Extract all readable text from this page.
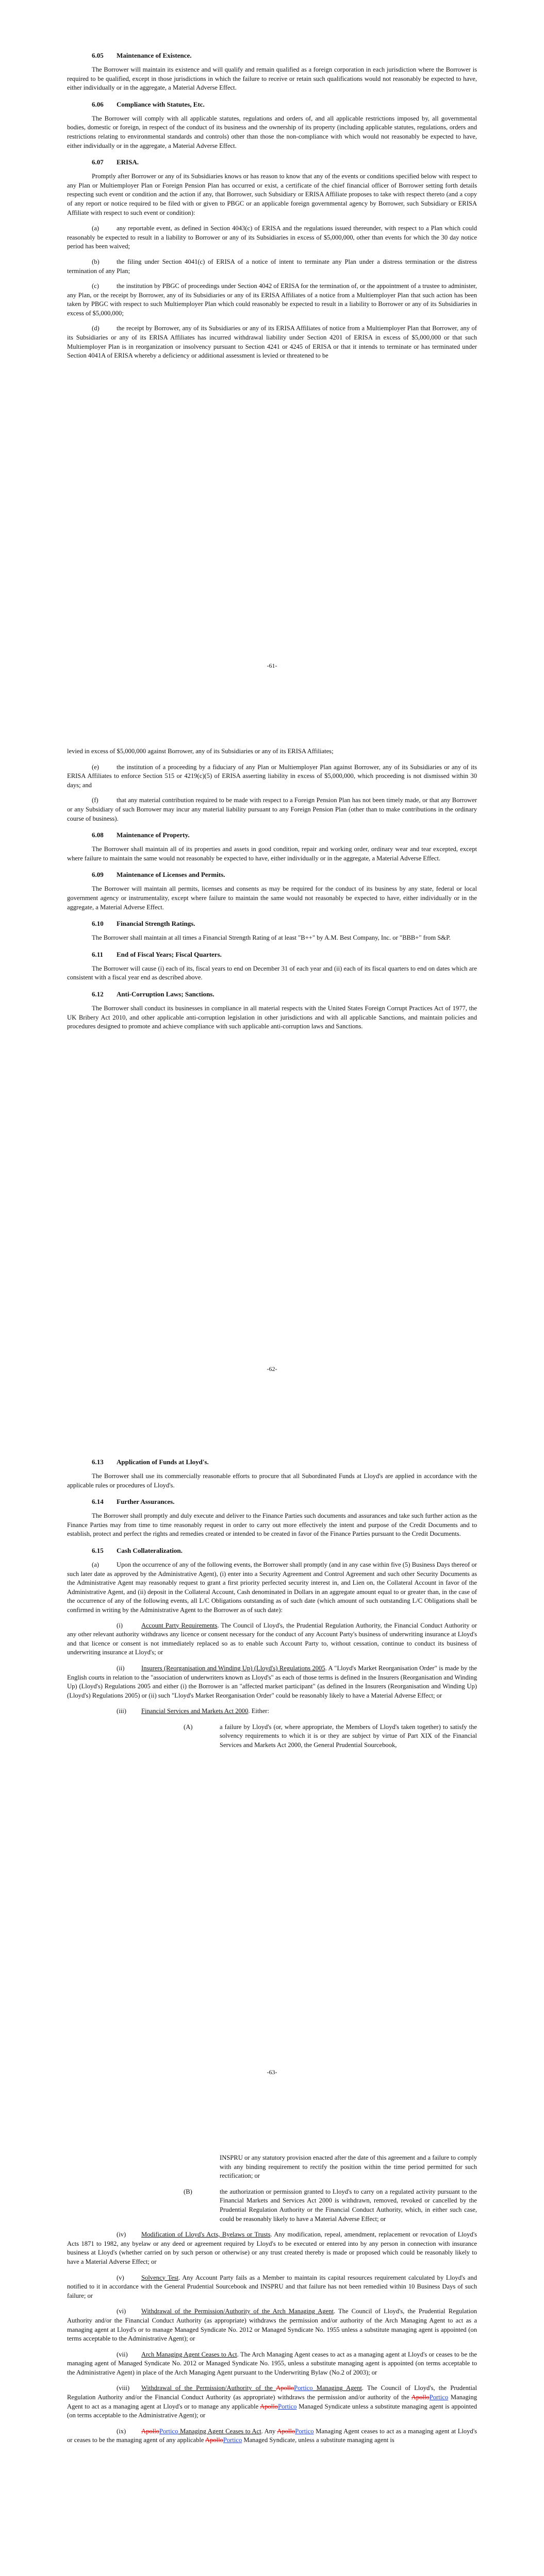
6.05 Maintenance of Existence.

The Borrower will maintain its existence and will qualify and remain qualified as a foreign corporation in each jurisdiction where the Borrower is required to be qualified, except in those jurisdictions in which the failure to receive or retain such qualifications would not reasonably be expected to have, either individually or in the aggregate, a Material Adverse Effect.

6.06 Compliance with Statutes, Etc.

The Borrower will comply with all applicable statutes, regulations and orders of, and all applicable restrictions imposed by, all governmental bodies, domestic or foreign, in respect of the conduct of its business and the ownership of its property (including applicable statutes, regulations, orders and restrictions relating to environmental standards and controls) other than those the non-compliance with which would not reasonably be expected to have, either individually or in the aggregate, a Material Adverse Effect.

6.07 ERISA.

Promptly after Borrower or any of its Subsidiaries knows or has reason to know that any of the events or conditions specified below with respect to any Plan or Multiemployer Plan or Foreign Pension Plan has occurred or exist, a certificate of the chief financial officer of Borrower setting forth details respecting such event or condition and the action if any, that Borrower, such Subsidiary or ERISA Affiliate proposes to take with respect thereto (and a copy of any report or notice required to be filed with or given to PBGC or an applicable foreign governmental agency by Borrower, such Subsidiary or ERISA Affiliate with respect to such event or condition):

(a)	any reportable event, as defined in Section 4043(c) of ERISA and the regulations issued thereunder, with respect to a Plan which could reasonably be expected to result in a liability to Borrower or any of its Subsidiaries in excess of $5,000,000, other than events for which the 30 day notice period has been waived;
(b)	the filing under Section 4041(c) of ERISA of a notice of intent to terminate any Plan under a distress termination or the distress termination of any Plan;
(c)	the institution by PBGC of proceedings under Section 4042 of ERISA for the termination of, or the appointment of a trustee to administer, any Plan, or the receipt by Borrower, any of its Subsidiaries or any of its ERISA Affiliates of a notice from a Multiemployer Plan that such action has been taken by PBGC with respect to such Multiemployer Plan which could reasonably be expected to result in a liability to Borrower or any of its Subsidiaries in excess of $5,000,000;
(d)	the receipt by Borrower, any of its Subsidiaries or any of its ERISA Affiliates of notice from a Multiemployer Plan that Borrower, any of its Subsidiaries or any of its ERISA Affiliates has incurred withdrawal liability under Section 4201 of ERISA in excess of $5,000,000 or that such Multiemployer Plan is in reorganization or insolvency pursuant to Section 4241 or 4245 of ERISA or that it intends to terminate or has terminated under Section 4041A of ERISA whereby a deficiency or additional assessment is levied or threatened to be
-61-

levied in excess of $5,000,000 against Borrower, any of its Subsidiaries or any of its ERISA Affiliates;

(e)	the institution of a proceeding by a fiduciary of any Plan or Multiemployer Plan against Borrower, any of its Subsidiaries or any of its ERISA Affiliates to enforce Section 515 or 4219(c)(5) of ERISA asserting liability in excess of $5,000,000, which proceeding is not dismissed within 30 days; and
(f)	that any material contribution required to be made with respect to a Foreign Pension Plan has not been timely made, or that any Borrower or any Subsidiary of such Borrower may incur any material liability pursuant to any Foreign Pension Plan (other than to make contributions in the ordinary course of business).
6.08 Maintenance of Property.

The Borrower shall maintain all of its properties and assets in good condition, repair and working order, ordinary wear and tear excepted, except where failure to maintain the same would not reasonably be expected to have, either individually or in the aggregate, a Material Adverse Effect.

6.09 Maintenance of Licenses and Permits.

The Borrower will maintain all permits, licenses and consents as may be required for the conduct of its business by any state, federal or local government agency or instrumentality, except where failure to maintain the same would not reasonably be expected to have, either individually or in the aggregate, a Material Adverse Effect.

6.10 Financial Strength Ratings.

The Borrower shall maintain at all times a Financial Strength Rating of at least "B++" by A.M. Best Company, Inc. or "BBB+" from S&P.

6.11 End of Fiscal Years; Fiscal Quarters.

The Borrower will cause (i) each of its, fiscal years to end on December 31 of each year and (ii) each of its fiscal quarters to end on dates which are consistent with a fiscal year end as described above.

6.12 Anti-Corruption Laws; Sanctions.

The Borrower shall conduct its businesses in compliance in all material respects with the United States Foreign Corrupt Practices Act of 1977, the UK Bribery Act 2010, and other applicable anti-corruption legislation in other jurisdictions and with all applicable Sanctions, and maintain policies and procedures designed to promote and achieve compliance with such applicable anti-corruption laws and Sanctions.

-62-
6.13 Application of Funds at Lloyd's.

The Borrower shall use its commercially reasonable efforts to procure that all Subordinated Funds at Lloyd's are applied in accordance with the applicable rules or procedures of Lloyd's.

6.14 Further Assurances.

The Borrower shall promptly and duly execute and deliver to the Finance Parties such documents and assurances and take such further action as the Finance Parties may from time to time reasonably request in order to carry out more effectively the intent and purpose of the Credit Documents and to establish, protect and perfect the rights and remedies created or intended to be created in favor of the Finance Parties pursuant to the Credit Documents.

6.15 Cash Collateralization.
(a)	Upon the occurrence of any of the following events, the Borrower shall promptly (and in any case within five (5) Business Days thereof or such later date as approved by the Administrative Agent), (i) enter into a Security Agreement and Control Agreement and such other Security Documents as the Administrative Agent may reasonably request to grant a first priority perfected security interest in, and Lien on, the Collateral Account in favor of the Administrative Agent, and (ii) deposit in the Collateral Account, Cash denominated in Dollars in an aggregate amount equal to or greater than, in the case of the occurrence of any of the following events, all L/C Obligations outstanding as of such date (which amount of such outstanding L/C Obligations shall be confirmed in writing by the Administrative Agent to the Borrower as of such date):

(i)	Account Party Requirements. The Council of Lloyd's, the Prudential Regulation Authority, the Financial Conduct Authority or any other relevant authority withdraws any licence or consent necessary for the conduct of any Account Party's business of underwriting insurance at Lloyd's and that licence or consent is not immediately replaced so as to enable such Account Party to, without cessation, continue to conduct its business of underwriting insurance at Lloyd's; or

(ii)	Insurers (Reorganisation and Winding Up) (Lloyd's) Regulations 2005. A "Lloyd's Market Reorganisation Order" is made by the English courts in relation to the "association of underwriters known as Lloyd's" as each of those terms is defined in the Insurers (Reorganisation and Winding Up) (Lloyd's) Regulations 2005 and either (i) the Borrower is an "affected market participant" (as defined in the Insurers (Reorganisation and Winding Up) (Lloyd's) Regulations 2005) or (ii) such "Lloyd's Market Reorganisation Order" could be reasonably likely to have a Material Adverse Effect; or

(iii) Financial Services and Markets Act 2000. Either:

(A)	a failure by Lloyd's (or, where appropriate, the Members of Lloyd's taken together) to satisfy the solvency requirements to which it is or they are subject by virtue of Part XIX of the Financial Services and Markets Act 2000, the General Prudential Sourcebook,
-63-
INSPRU or any statutory provision enacted after the date of this agreement and a failure to comply with any binding requirement to rectify the position within the time period permitted for such rectification; or
(B)	the authorization or permission granted to Lloyd's to carry on a regulated activity pursuant to the Financial Markets and Services Act 2000 is withdrawn, removed, revoked or cancelled by the Prudential Regulation Authority or the Financial Conduct Authority, which, in either such case, could be reasonably likely to have a Material Adverse Effect; or

(iv) Modification of Lloyd's Acts, Byelaws or Trusts. Any modification, repeal, amendment, replacement or revocation of Lloyd's Acts 1871 to 1982, any byelaw or any deed or agreement required by Lloyd's to be executed or entered into by any person in connection with insurance business at Lloyd's (whether carried on by such person or otherwise) or any trust created thereby is made or proposed which could be reasonably likely to have a Material Adverse Effect; or

(v)	Solvency Test. Any Account Party fails as a Member to maintain its capital resources requirement calculated by Lloyd's and notified to it in accordance with the General Prudential Sourcebook and INSPRU and that failure has not been remedied within 10 Business Days of such failure; or

(vi) Withdrawal of the Permission/Authority of the Arch Managing Agent. The Council of Lloyd's, the Prudential Regulation Authority and/or the Financial Conduct Authority (as appropriate) withdraws the permission and/or authority of the Arch Managing Agent to act as a managing agent at Lloyd's or to manage Managed Syndicate No. 2012 or Managed Syndicate No. 1955 unless a substitute managing agent is appointed (on terms acceptable to the Administrative Agent); or

(vii) Arch Managing Agent Ceases to Act. The Arch Managing Agent ceases to act as a managing agent at Lloyd's or ceases to be the managing agent of Managed Syndicate No. 2012 or Managed Syndicate No. 1955, unless a substitute managing agent is appointed (on terms acceptable to the Administrative Agent) in place of the Arch Managing Agent pursuant to the Underwriting Bylaw (No.2 of 2003); or

(viii) Withdrawal of the Permission/Authority of the ApolloPortico Managing Agent. The Council of Lloyd's, the Prudential Regulation Authority and/or the Financial Conduct Authority (as appropriate) withdraws the permission and/or authority of the ApolloPortico Managing Agent to act as a managing agent at Lloyd's or to manage any applicable ApolloPortico Managed Syndicate unless a substitute managing agent is appointed (on terms acceptable to the Administrative Agent); or

(ix) ApolloPortico Managing Agent Ceases to Act. Any ApolloPortico Managing Agent ceases to act as a managing agent at Lloyd's or ceases to be the managing agent of any applicable ApolloPortico Managed Syndicate, unless a substitute managing agent is
